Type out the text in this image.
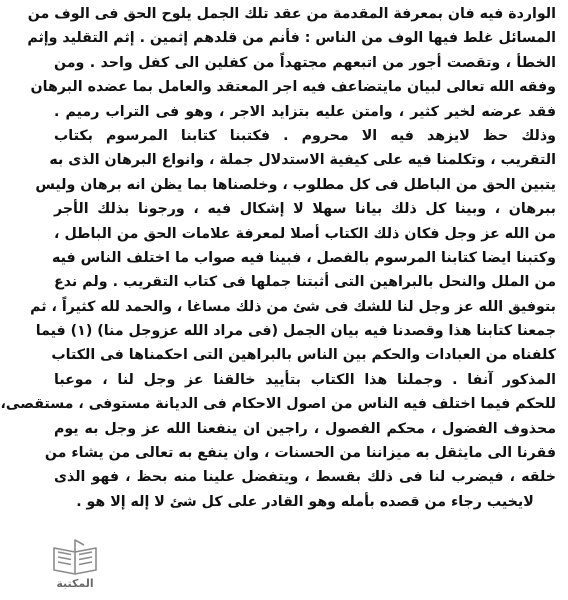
الواردة فيه فان بمعرفة المقدمة من عقد تلك الجمل يلوح الحق فى الوف من
المسائل غلط فيها الوف من الناس : فأنم من قلدهم إثمين . إثم التقليد وإثم
الخطأ ، وتقصت أجور من اتبعهم مجتهداً من كفلين الى كفل واحد . ومن
وفقه الله تعالى لبيان مايتضاعف فيه اجر المعتقد والعامل بما عضده البرهان
فقد عرضه لخير كثير ، وامتن عليه بتزايد الاجر ، وهو فى التراب رميم .
وذلك حظ لايزهد فيه الا محروم . فكتبنا كتابنا المرسوم بكتاب
التقريب ، وتكلمنا فيه على كيفية الاستدلال جملة ، وانواع البرهان الذى به
يتبين الحق من الباطل فى كل مطلوب ، وخلصناها بما يظن انه برهان وليس
ببرهان ، وبينا كل ذلك بيانا سهلا لا إشكال فيه ، ورجونا بذلك الأجر
من الله عز وجل فكان ذلك الكتاب أصلا لمعرفة علامات الحق من الباطل ،
وكتبنا ايضا كتابنا المرسوم بالفصل ، فبينا فيه صواب ما اختلف الناس فيه
من الملل والنحل بالبراهين التى أثبتنا جملها فى كتاب التقريب . ولم ندع
بتوفيق الله عز وجل لنا للشك فى شئ من ذلك مساغا ، والحمد لله كثيراً ، ثم
جمعنا كتابنا هذا وقصدنا فيه بيان الجمل (فى مراد الله عزوجل منا) (١) فيما
كلفناه من العبادات والحكم بين الناس بالبراهين التى احكمناها فى الكتاب
المذكور آنفا . وجملنا هذا الكتاب بتأييد خالقنا عز وجل لنا ، موعبا
للحكم فيما اختلف فيه الناس من اصول الاحكام فى الديانة مستوفى ، مستقصى،
محذوف الفضول ، محكم الفصول ، راجين ان ينفعنا الله عز وجل به يوم
فقرنا الى مايثقل به ميزاننا من الحسنات ، وان ينفع به تعالى من يشاء من
خلقه ، فيضرب لنا فى ذلك بقسط ، ويتفضل علينا منه بحظ ، فهو الذى
لايخيب رجاء من قصده بأمله وهو القادر على كل شئ لا إله إلا هو .
المكتبة
